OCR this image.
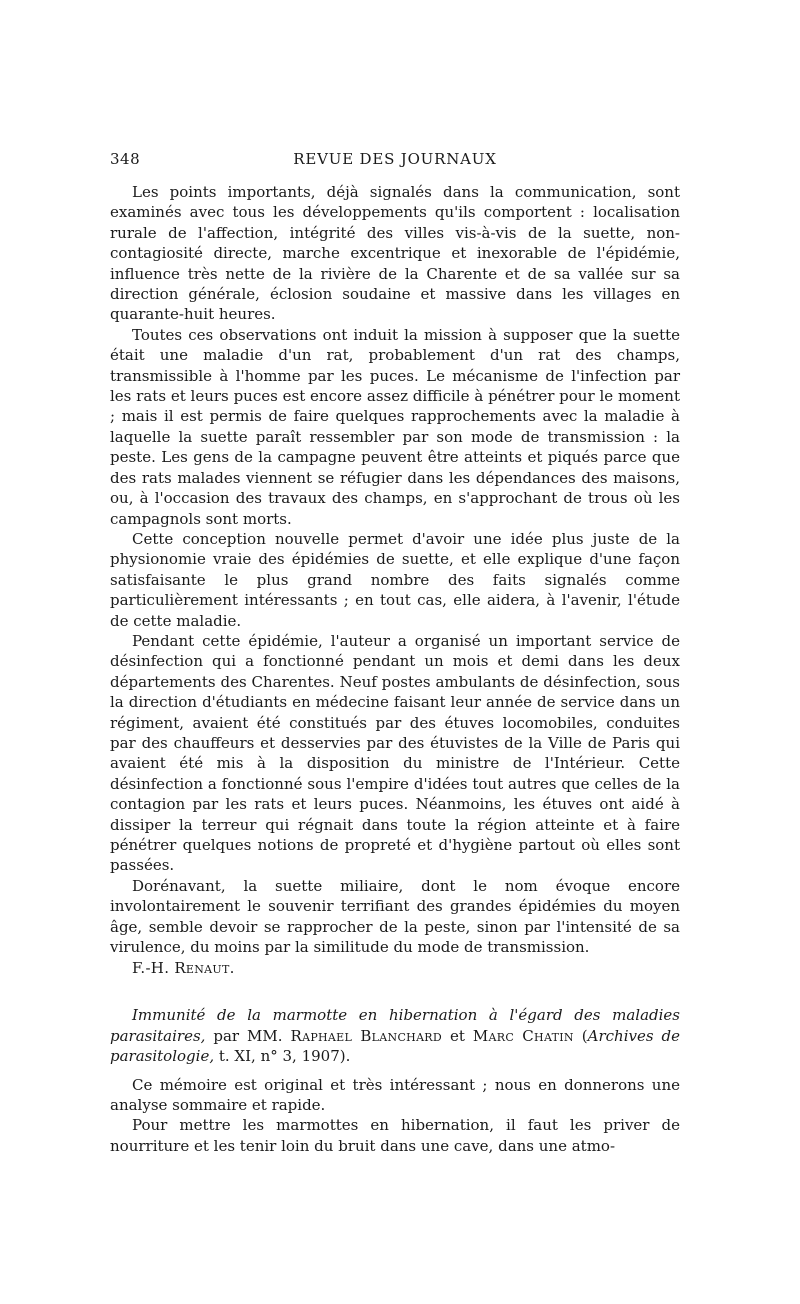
348	REVUE DES JOURNAUX

Les points importants, déjà signalés dans la communication, sont examinés avec tous les développements qu'ils comportent : localisation rurale de l'affection, intégrité des villes vis-à-vis de la suette, non-contagiosité directe, marche excentrique et inexorable de l'épidémie, influence très nette de la rivière de la Charente et de sa vallée sur sa direction générale, éclosion soudaine et massive dans les villages en quarante-huit heures.

Toutes ces observations ont induit la mission à supposer que la suette était une maladie d'un rat, probablement d'un rat des champs, transmissible à l'homme par les puces. Le mécanisme de l'infection par les rats et leurs puces est encore assez difficile à pénétrer pour le moment ; mais il est permis de faire quelques rapprochements avec la maladie à laquelle la suette paraît ressembler par son mode de transmission : la peste. Les gens de la campagne peuvent être atteints et piqués parce que des rats malades viennent se réfugier dans les dépendances des maisons, ou, à l'occasion des travaux des champs, en s'approchant de trous où les campagnols sont morts.

Cette conception nouvelle permet d'avoir une idée plus juste de la physionomie vraie des épidémies de suette, et elle explique d'une façon satisfaisante le plus grand nombre des faits signalés comme particulièrement intéressants ; en tout cas, elle aidera, à l'avenir, l'étude de cette maladie.

Pendant cette épidémie, l'auteur a organisé un important service de désinfection qui a fonctionné pendant un mois et demi dans les deux départements des Charentes. Neuf postes ambulants de désinfection, sous la direction d'étudiants en médecine faisant leur année de service dans un régiment, avaient été constitués par des étuves locomobiles, conduites par des chauffeurs et desservies par des étuvistes de la Ville de Paris qui avaient été mis à la disposition du ministre de l'Intérieur. Cette désinfection a fonctionné sous l'empire d'idées tout autres que celles de la contagion par les rats et leurs puces. Néanmoins, les étuves ont aidé à dissiper la terreur qui régnait dans toute la région atteinte et à faire pénétrer quelques notions de propreté et d'hygiène partout où elles sont passées.

Dorénavant, la suette miliaire, dont le nom évoque encore involontairement le souvenir terrifiant des grandes épidémies du moyen âge, semble devoir se rapprocher de la peste, sinon par l'intensité de sa virulence, du moins par la similitude du mode de transmission.

F.-H. Renaut.

Immunité de la marmotte en hibernation à l'égard des maladies parasitaires, par MM. Raphael Blanchard et Marc Chatin (Archives de parasitologie, t. XI, n° 3, 1907).

Ce mémoire est original et très intéressant ; nous en donnerons une analyse sommaire et rapide.

Pour mettre les marmottes en hibernation, il faut les priver de nourriture et les tenir loin du bruit dans une cave, dans une atmo-
